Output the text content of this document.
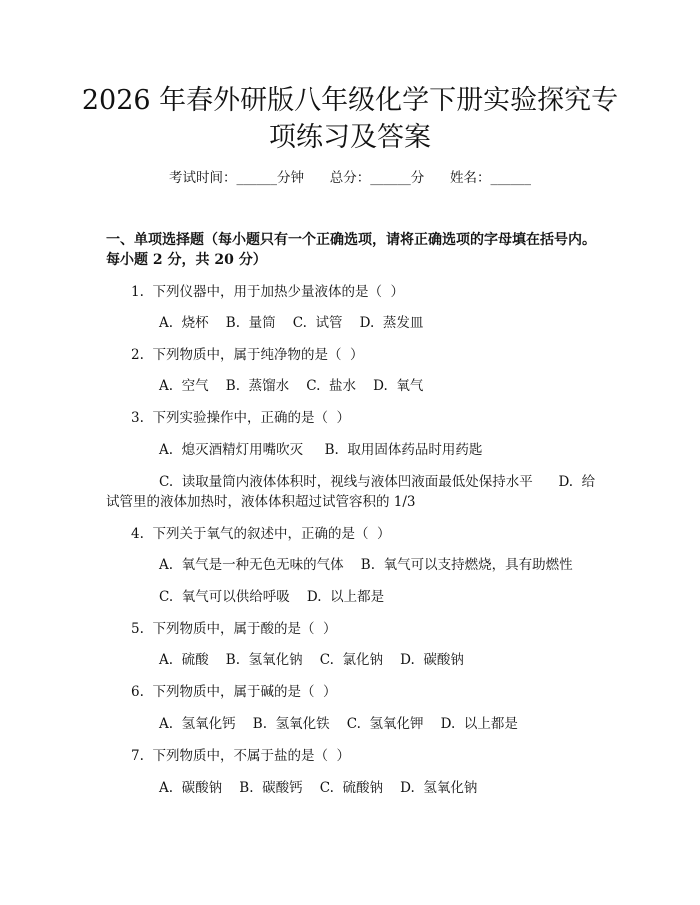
2026 年春外研版八年级化学下册实验探究专
项练习及答案
考试时间：______分钟      总分：______分      姓名：______
一、单项选择题（每小题只有一个正确选项，请将正确选项的字母填在括号内。
每小题 2 分，共 20 分）
1.  下列仪器中，用于加热少量液体的是（  ）
A.  烧杯    B.  量筒    C.  试管    D.  蒸发皿
2.  下列物质中，属于纯净物的是（  ）
A.  空气    B.  蒸馏水    C.  盐水    D.  氧气
3.  下列实验操作中，正确的是（  ）
A.  熄灭酒精灯用嘴吹灭     B.  取用固体药品时用药匙
C.  读取量筒内液体体积时，视线与液体凹液面最低处保持水平      D.  给
试管里的液体加热时，液体体积超过试管容积的 1/3
4.  下列关于氧气的叙述中，正确的是（  ）
A.  氧气是一种无色无味的气体    B.  氧气可以支持燃烧，具有助燃性
C.  氧气可以供给呼吸    D.  以上都是
5.  下列物质中，属于酸的是（  ）
A.  硫酸    B.  氢氧化钠    C.  氯化钠    D.  碳酸钠
6.  下列物质中，属于碱的是（  ）
A.  氢氧化钙    B.  氢氧化铁    C.  氢氧化钾    D.  以上都是
7.  下列物质中，不属于盐的是（  ）
A.  碳酸钠    B.  碳酸钙    C.  硫酸钠    D.  氢氧化钠
